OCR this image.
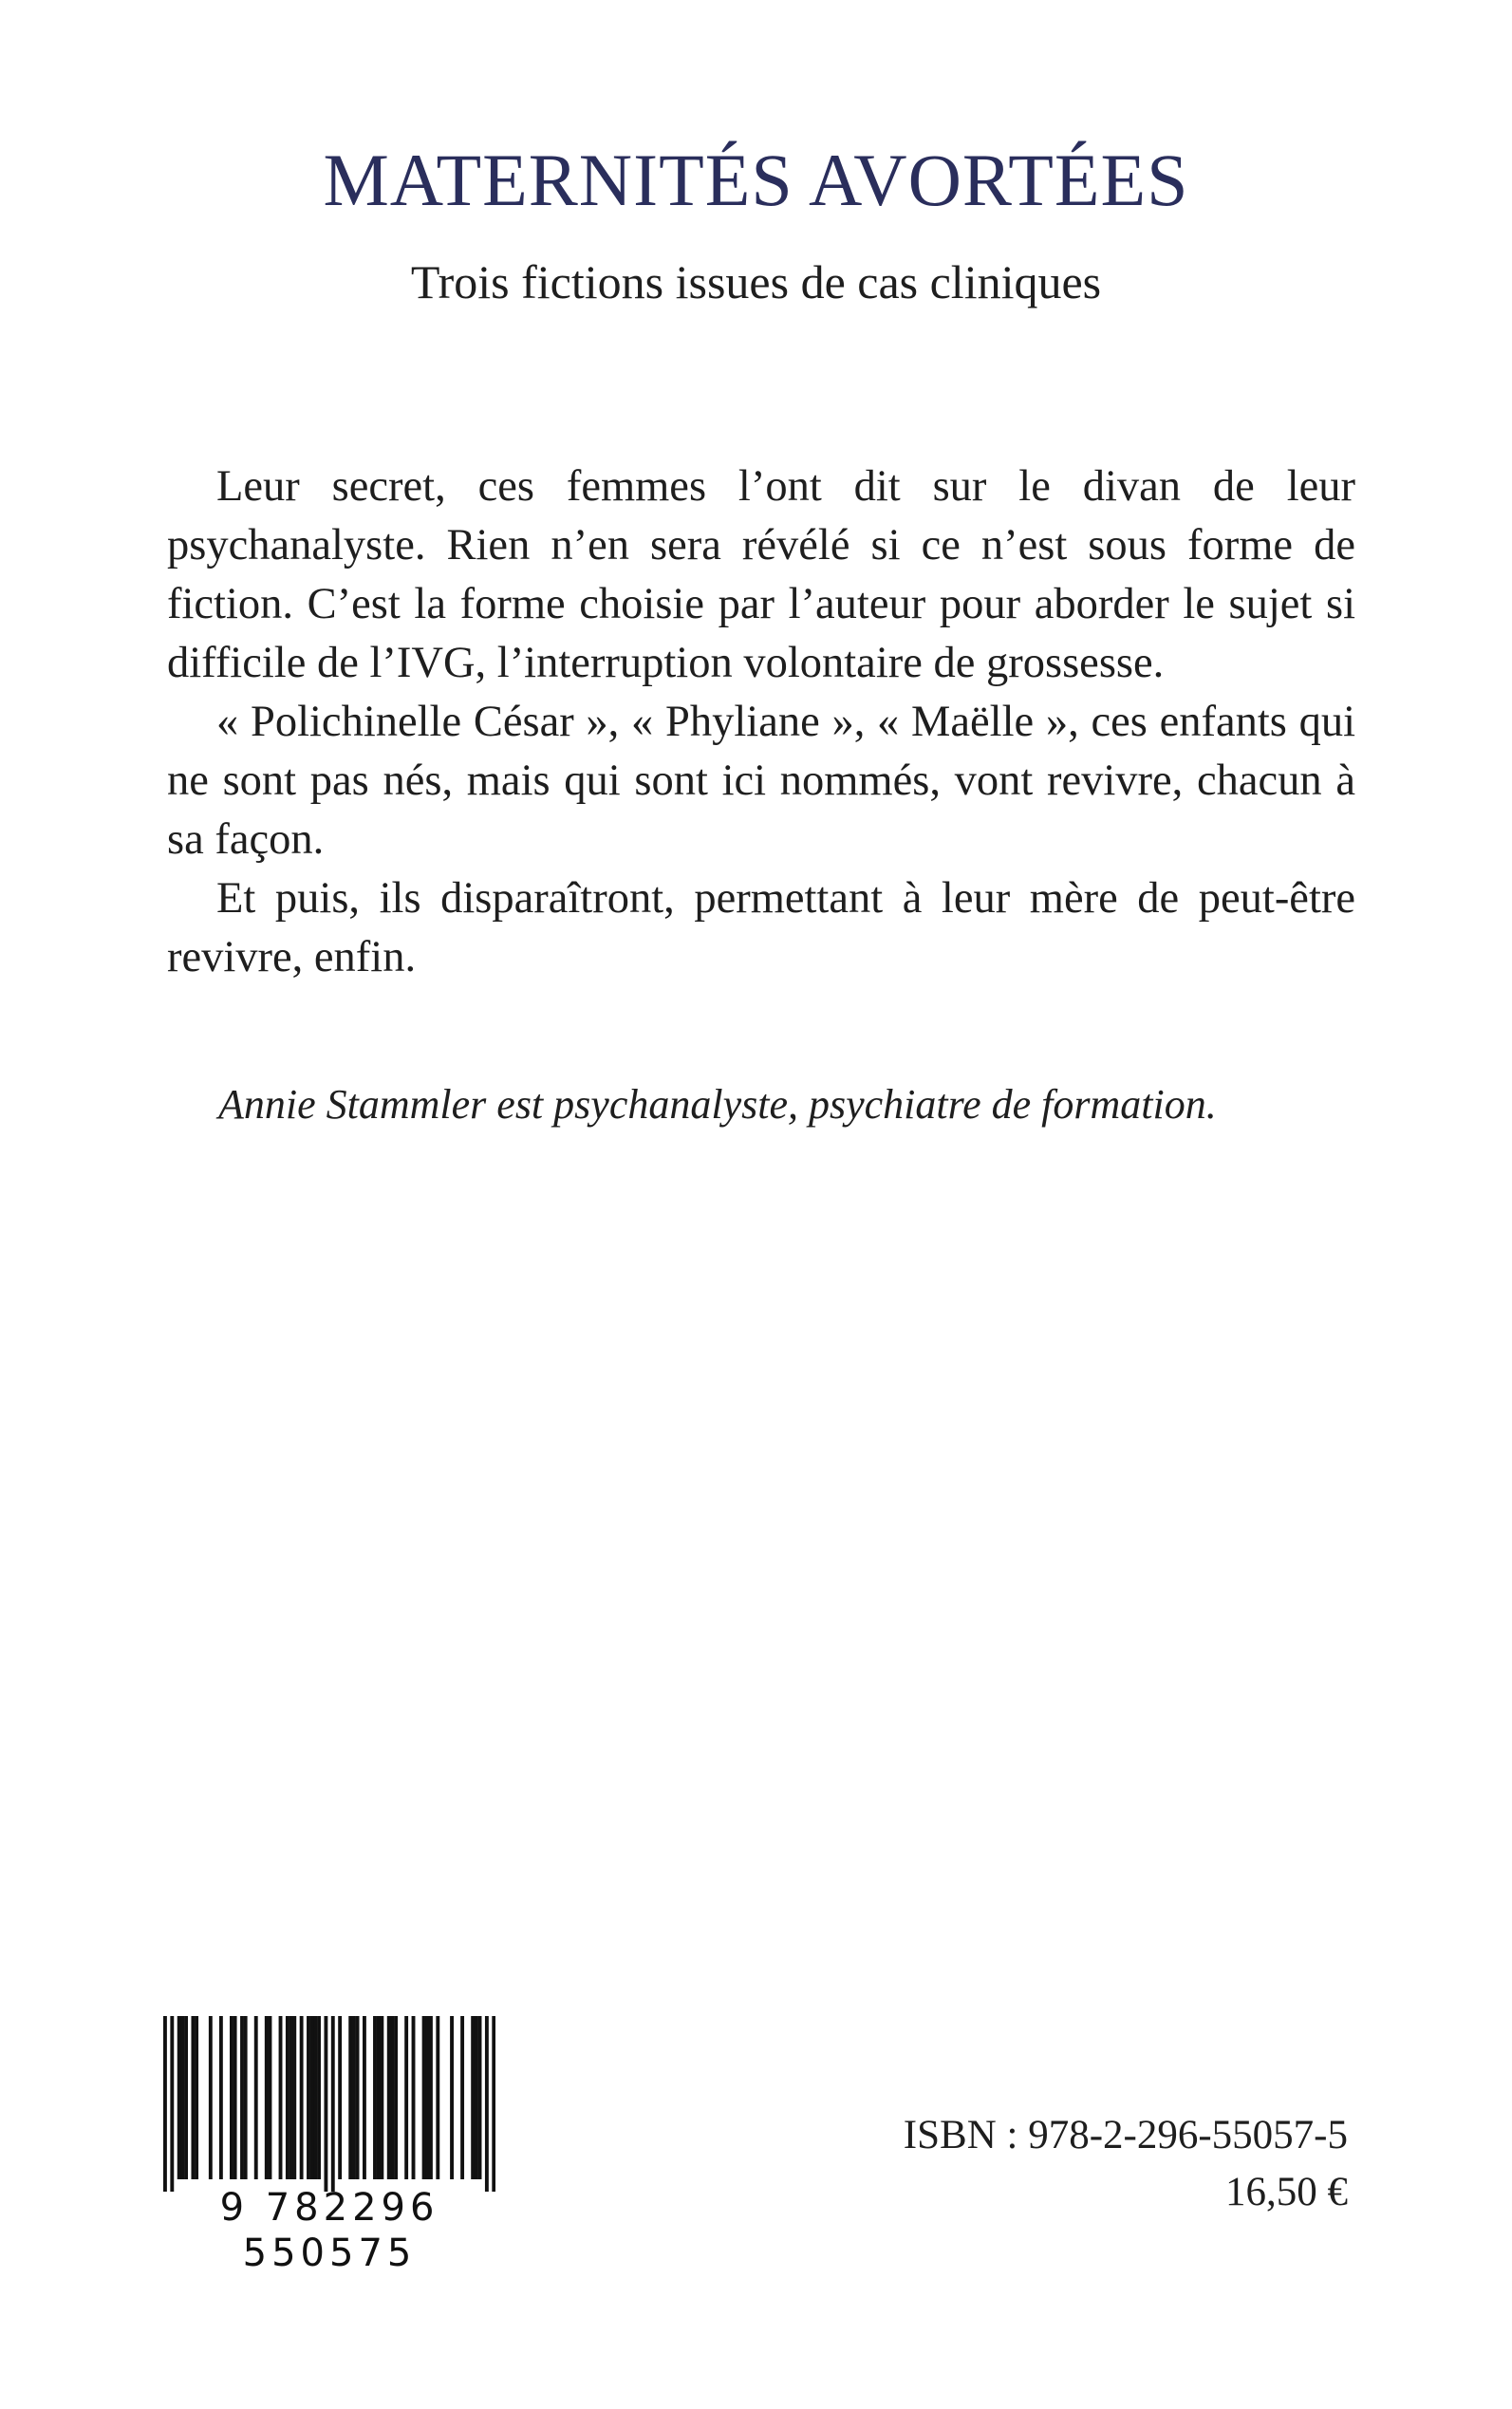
MATERNITÉS AVORTÉES
Trois fictions issues de cas cliniques

Leur secret, ces femmes l’ont dit sur le divan de leur psychanalyste. Rien n’en sera révélé si ce n’est sous forme de fiction. C’est la forme choisie par l’auteur pour aborder le sujet si difficile de l’IVG, l’interruption volontaire de grossesse.

« Polichinelle César », « Phyliane », « Maëlle », ces enfants qui ne sont pas nés, mais qui sont ici nommés, vont revivre, chacun à sa façon.

Et puis, ils disparaîtront, permettant à leur mère de peut-être revivre, enfin.

Annie Stammler est psychanalyste, psychiatre de formation.
9 782296 550575
ISBN : 978-2-296-55057-5
16,50 €
